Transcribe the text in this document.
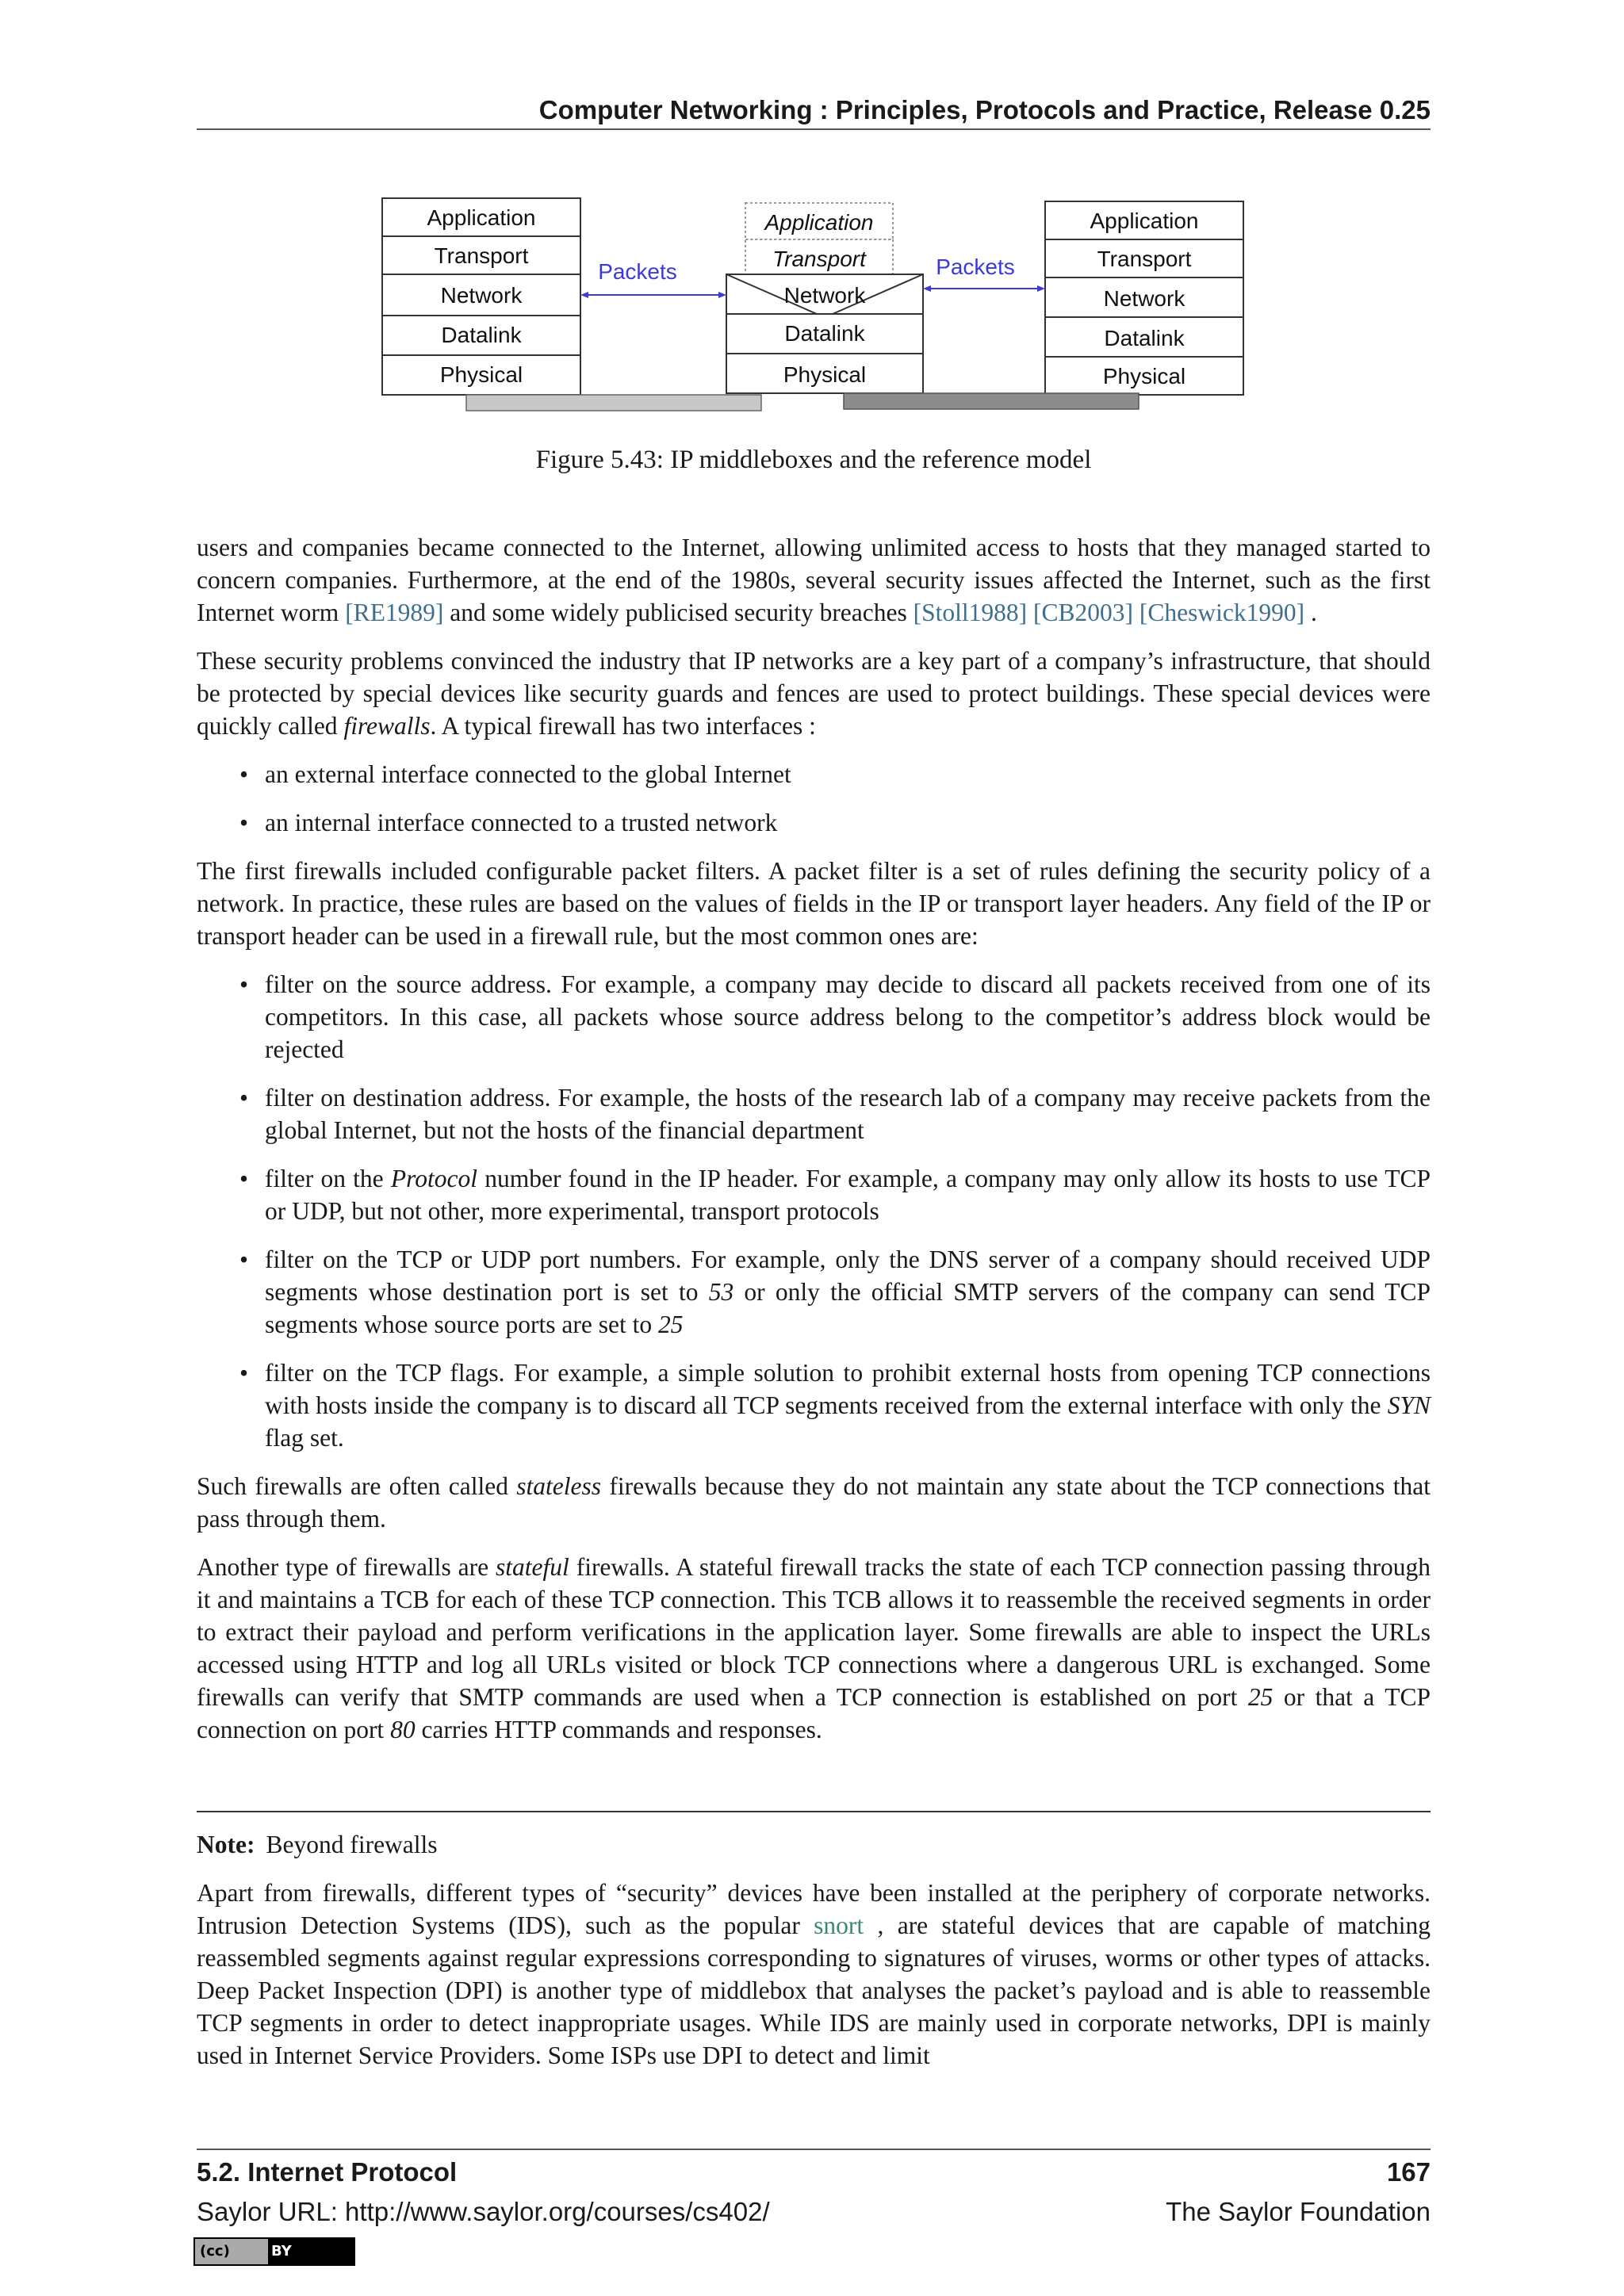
Computer Networking : Principles, Protocols and Practice, Release 0.25
Application
Transport
Network
Datalink
Physical
Application
Transport
Network
Datalink
Physical
Application
Transport
Network
Datalink
Physical
Packets	Packets
Figure 5.43: IP middleboxes and the reference model

users and companies became connected to the Internet, allowing unlimited access to hosts that they managed started to concern companies. Furthermore, at the end of the 1980s, several security issues affected the Internet, such as the first Internet worm [RE1989] and some widely publicised security breaches [Stoll1988] [CB2003] [Cheswick1990] .

These security problems convinced the industry that IP networks are a key part of a company’s infrastructure, that should be protected by special devices like security guards and fences are used to protect buildings. These special devices were quickly called firewalls. A typical firewall has two interfaces :

• an external interface connected to the global Internet
• an internal interface connected to a trusted network

The first firewalls included configurable packet filters. A packet filter is a set of rules defining the security policy of a network. In practice, these rules are based on the values of fields in the IP or transport layer headers. Any field of the IP or transport header can be used in a firewall rule, but the most common ones are:

• filter on the source address. For example, a company may decide to discard all packets received from one of its competitors. In this case, all packets whose source address belong to the competitor’s address block would be rejected
• filter on destination address. For example, the hosts of the research lab of a company may receive packets from the global Internet, but not the hosts of the financial department
• filter on the Protocol number found in the IP header. For example, a company may only allow its hosts to use TCP or UDP, but not other, more experimental, transport protocols
• filter on the TCP or UDP port numbers. For example, only the DNS server of a company should received UDP segments whose destination port is set to 53 or only the official SMTP servers of the company can send TCP segments whose source ports are set to 25
• filter on the TCP flags. For example, a simple solution to prohibit external hosts from opening TCP connections with hosts inside the company is to discard all TCP segments received from the external interface with only the SYN flag set.

Such firewalls are often called stateless firewalls because they do not maintain any state about the TCP connections that pass through them.

Another type of firewalls are stateful firewalls. A stateful firewall tracks the state of each TCP connection passing through it and maintains a TCB for each of these TCP connection. This TCB allows it to reassemble the received segments in order to extract their payload and perform verifications in the application layer. Some firewalls are able to inspect the URLs accessed using HTTP and log all URLs visited or block TCP connections where a dangerous URL is exchanged. Some firewalls can verify that SMTP commands are used when a TCP connection is established on port 25 or that a TCP connection on port 80 carries HTTP commands and responses.

Note: Beyond firewalls

Apart from firewalls, different types of “security” devices have been installed at the periphery of corporate networks. Intrusion Detection Systems (IDS), such as the popular snort , are stateful devices that are capable of matching reassembled segments against regular expressions corresponding to signatures of viruses, worms or other types of attacks. Deep Packet Inspection (DPI) is another type of middlebox that analyses the packet’s payload and is able to reassemble TCP segments in order to detect inappropriate usages. While IDS are mainly used in corporate networks, DPI is mainly used in Internet Service Providers. Some ISPs use DPI to detect and limit

5.2. Internet Protocol	167
Saylor URL: http://www.saylor.org/courses/cs402/	The Saylor Foundation
(cc)	BY
